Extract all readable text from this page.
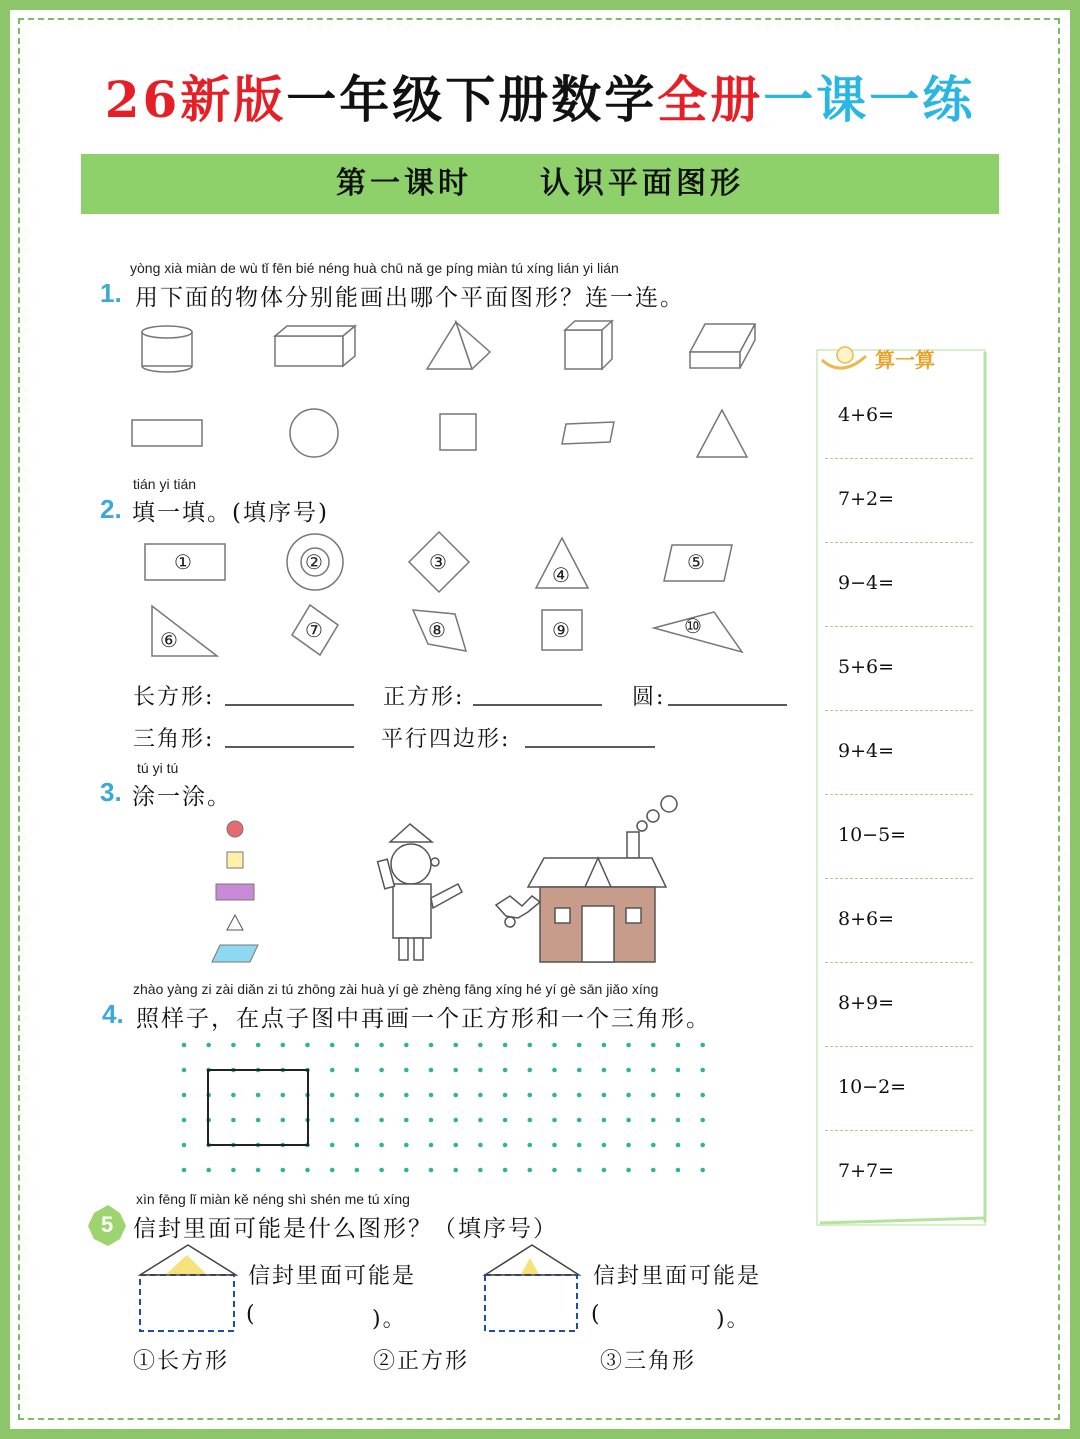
26新版一年级下册数学全册一课一练
第一课时　　认识平面图形
yòng xià miàn de wù tǐ fēn bié néng huà chū nǎ ge píng miàn tú xíng lián yi lián
1. 用下面的物体分别能画出哪个平面图形？连一连。
①	②	③
④
⑤
⑥	⑦	⑧	⑨	⑩
tián yi tián
2. 填一填。(填序号)
长方形:	正方形:	圆:
三角形:	平行四边形:
tú yi tú
3. 涂一涂。
zhào yàng zi zài diǎn zi tú zhōng zài huà yí gè zhèng fāng xíng hé yí gè sān jiǎo xíng
4. 照样子，在点子图中再画一个正方形和一个三角形。
xìn fēng lǐ miàn kě néng shì shén me tú xíng
5 信封里面可能是什么图形？（填序号）
信封里面可能是
(	)。
信封里面可能是
(	)。
①长方形	②正方形	③三角形
算一算
4+6=
7+2=
9−4=
5+6=
9+4=
10−5=
8+6=
8+9=
10−2=
7+7=
